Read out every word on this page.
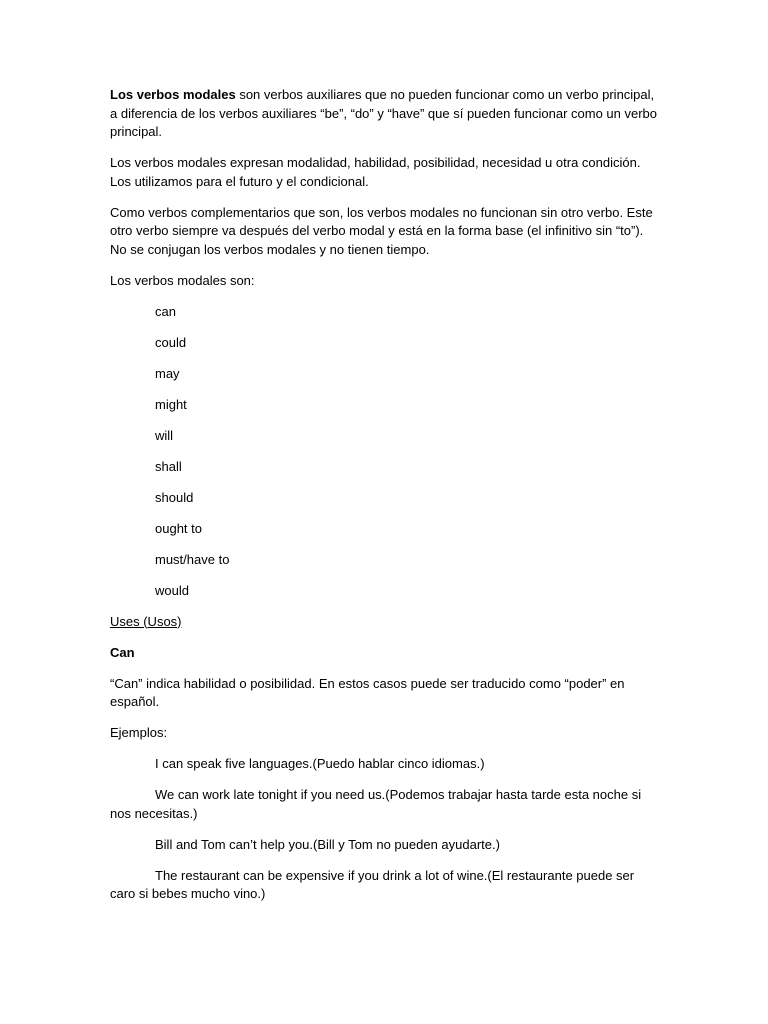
Los verbos modales son verbos auxiliares que no pueden funcionar como un verbo principal, a diferencia de los verbos auxiliares “be”, “do” y “have” que sí pueden funcionar como un verbo principal.

Los verbos modales expresan modalidad, habilidad, posibilidad, necesidad u otra condición. Los utilizamos para el futuro y el condicional.

Como verbos complementarios que son, los verbos modales no funcionan sin otro verbo. Este otro verbo siempre va después del verbo modal y está en la forma base (el infinitivo sin “to”). No se conjugan los verbos modales y no tienen tiempo.

Los verbos modales son:

can
could
may
might
will
shall
should
ought to
must/have to
would

Uses (Usos)

Can

“Can” indica habilidad o posibilidad. En estos casos puede ser traducido como “poder” en español.

Ejemplos:

I can speak five languages.(Puedo hablar cinco idiomas.)

We can work late tonight if you need us.(Podemos trabajar hasta tarde esta noche si nos necesitas.)

Bill and Tom can’t help you.(Bill y Tom no pueden ayudarte.)

The restaurant can be expensive if you drink a lot of wine.(El restaurante puede ser caro si bebes mucho vino.)
